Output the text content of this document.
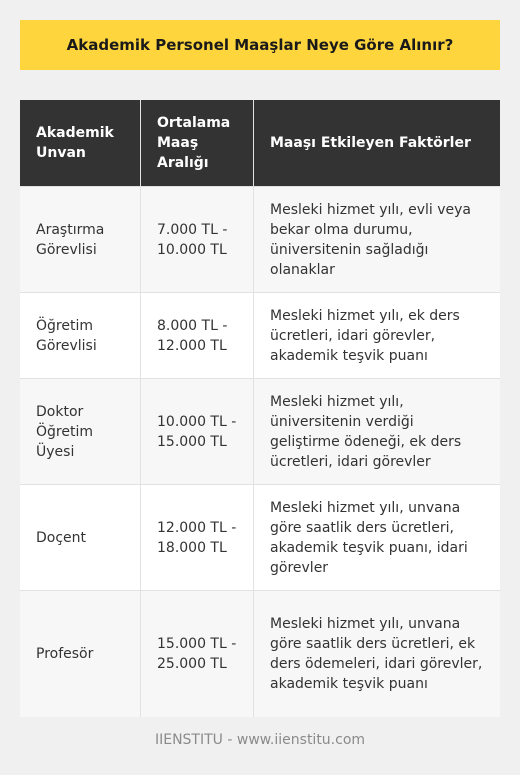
Akademik Personel Maaşlar Neye Göre Alınır?
Akademik Unvan	Ortalama Maaş Aralığı	Maaşı Etkileyen Faktörler
Araştırma Görevlisi	7.000 TL - 10.000 TL	Mesleki hizmet yılı, evli veya bekar olma durumu, üniversitenin sağladığı olanaklar
Öğretim Görevlisi	8.000 TL - 12.000 TL	Mesleki hizmet yılı, ek ders ücretleri, idari görevler, akademik teşvik puanı
Doktor Öğretim Üyesi	10.000 TL - 15.000 TL	Mesleki hizmet yılı, üniversitenin verdiği geliştirme ödeneği, ek ders ücretleri, idari görevler
Doçent	12.000 TL - 18.000 TL	Mesleki hizmet yılı, unvana göre saatlik ders ücretleri, akademik teşvik puanı, idari görevler
Profesör	15.000 TL - 25.000 TL	Mesleki hizmet yılı, unvana göre saatlik ders ücretleri, ek ders ödemeleri, idari görevler, akademik teşvik puanı
IIENSTITU - www.iienstitu.com
